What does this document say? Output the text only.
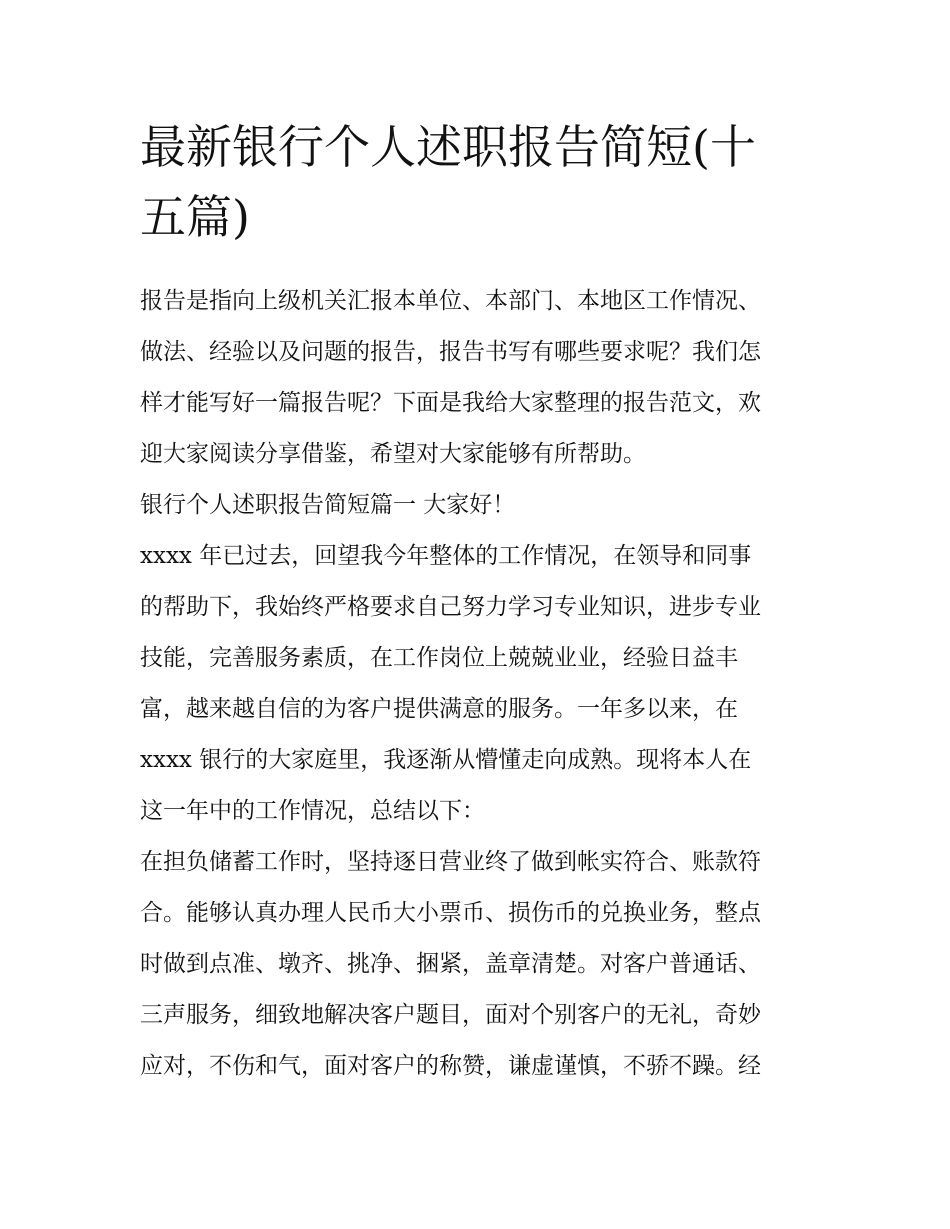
最新银行个人述职报告简短(十
五篇)
报告是指向上级机关汇报本单位、本部门、本地区工作情况、
做法、经验以及问题的报告，报告书写有哪些要求呢？我们怎
样才能写好一篇报告呢？下面是我给大家整理的报告范文，欢
迎大家阅读分享借鉴，希望对大家能够有所帮助。
银行个人述职报告简短篇一 大家好！
xxxx 年已过去，回望我今年整体的工作情况，在领导和同事
的帮助下，我始终严格要求自己努力学习专业知识，进步专业
技能，完善服务素质，在工作岗位上兢兢业业，经验日益丰
富，越来越自信的为客户提供满意的服务。一年多以来，在
xxxx 银行的大家庭里，我逐渐从懵懂走向成熟。现将本人在
这一年中的工作情况，总结以下：
在担负储蓄工作时，坚持逐日营业终了做到帐实符合、账款符
合。能够认真办理人民币大小票币、损伤币的兑换业务，整点
时做到点准、墩齐、挑净、捆紧，盖章清楚。对客户普通话、
三声服务，细致地解决客户题目，面对个别客户的无礼，奇妙
应对，不伤和气，面对客户的称赞，谦虚谨慎，不骄不躁。经
